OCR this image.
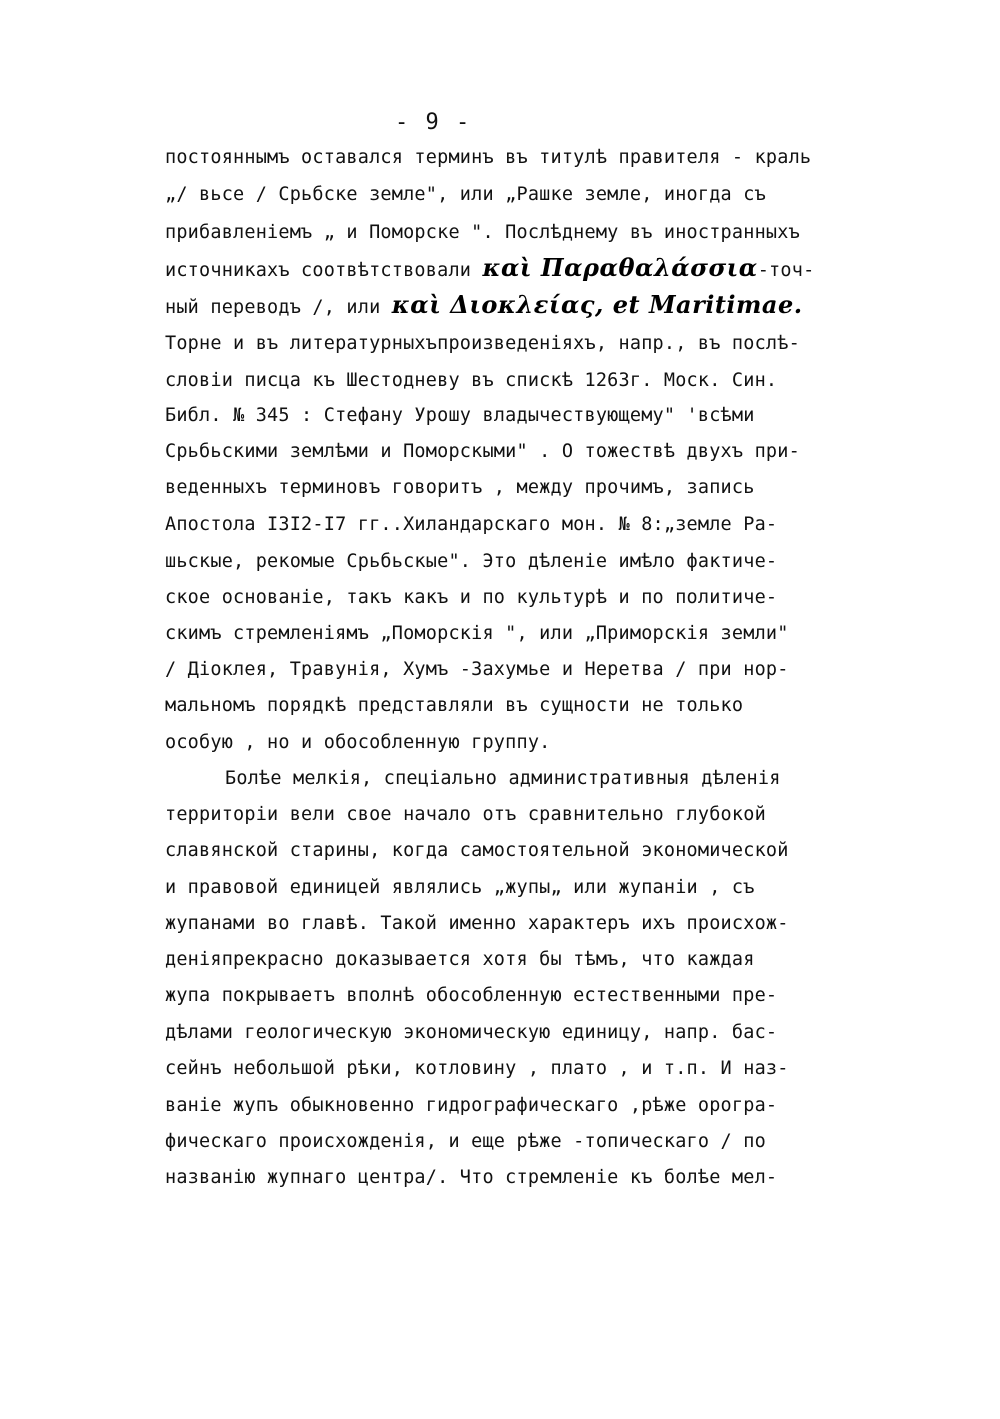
- 9 -
постояннымъ оставался терминъ въ титулѣ правителя - краль
„/ вьсе / Срьбске земле", или „Рашке земле, иногда съ
прибавленіемъ „ и Поморске ". Послѣднему въ иностранныхъ
источникахъ соотвѣтствовали καὶ Παραθαλάσσια-точ-
ный переводъ /, или καὶ Διοκλείας, et Maritimae.
Торне и въ литературныхъпроизведеніяхъ, напр., въ послѣ-
словіи писца къ Шестодневу въ спискѣ 1263г. Моск. Син.
Библ. № 345 : Стефану Урошу владычествующему" 'всѣми
Срьбьскими землѣми и Поморскыми" . О тожествѣ двухъ при-
веденныхъ терминовъ говоритъ , между прочимъ, запись
Апостола I3I2-I7 гг..Хиландарскаго мон. № 8:„земле Ра-
шьскые, рекомые Срьбьскые". Это дѣленіе имѣло фактиче-
ское основаніе, такъ какъ и по культурѣ и по политиче-
скимъ стремленіямъ „Поморскія ", или „Приморскія земли"
/ Діоклея, Травунія, Хумъ -Захумье и Неретва / при нор-
мальномъ порядкѣ представляли въ сущности не только
особую , но и обособленную группу.
Болѣе мелкія, спеціально административныя дѣленія
территоріи вели свое начало отъ сравнительно глубокой
славянской старины, когда самостоятельной экономической
и правовой единицей являлись „жупы„ или жупаніи , съ
жупанами во главѣ. Такой именно характеръ ихъ происхож-
деніяпрекрасно доказывается хотя бы тѣмъ, что каждая
жупа покрываетъ вполнѣ обособленную естественными пре-
дѣлами геологическую экономическую единицу, напр. бас-
сейнъ небольшой рѣки, котловину , плато , и т.п. И наз-
ваніе жупъ обыкновенно гидрографическаго ,рѣже орогра-
фическаго происхожденія, и еще рѣже -топическаго / по
названію жупнаго центра/. Что стремленіе къ болѣе мел-
